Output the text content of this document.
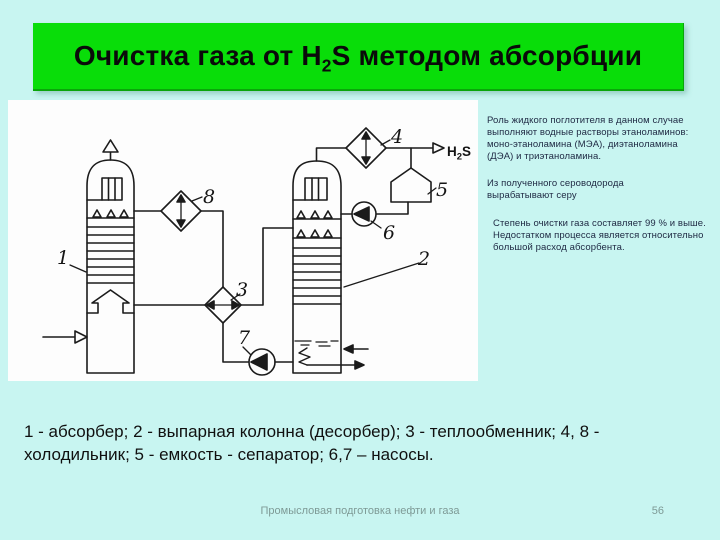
Очистка газа от $H_2S$ методом абсорбции
1	2
3
4
5
6
7
8
$H_2S$
Роль жидкого поглотителя в данном случае выполняют водные растворы этаноламинов: моно-этаноламина (МЭА), диэтаноламина (ДЭА) и триэтаноламина.
Из полученного сероводорода вырабатывают серу
Степень очистки газа составляет 99 % и выше. Недостатком процесса является относительно большой расход абсорбента.
1 - абсорбер; 2 - выпарная колонна (десорбер); 3 - теплообменник; 4, 8 - холодильник; 5 - емкость - сепаратор; 6,7 – насосы.
Промысловая подготовка нефти и газа	56
